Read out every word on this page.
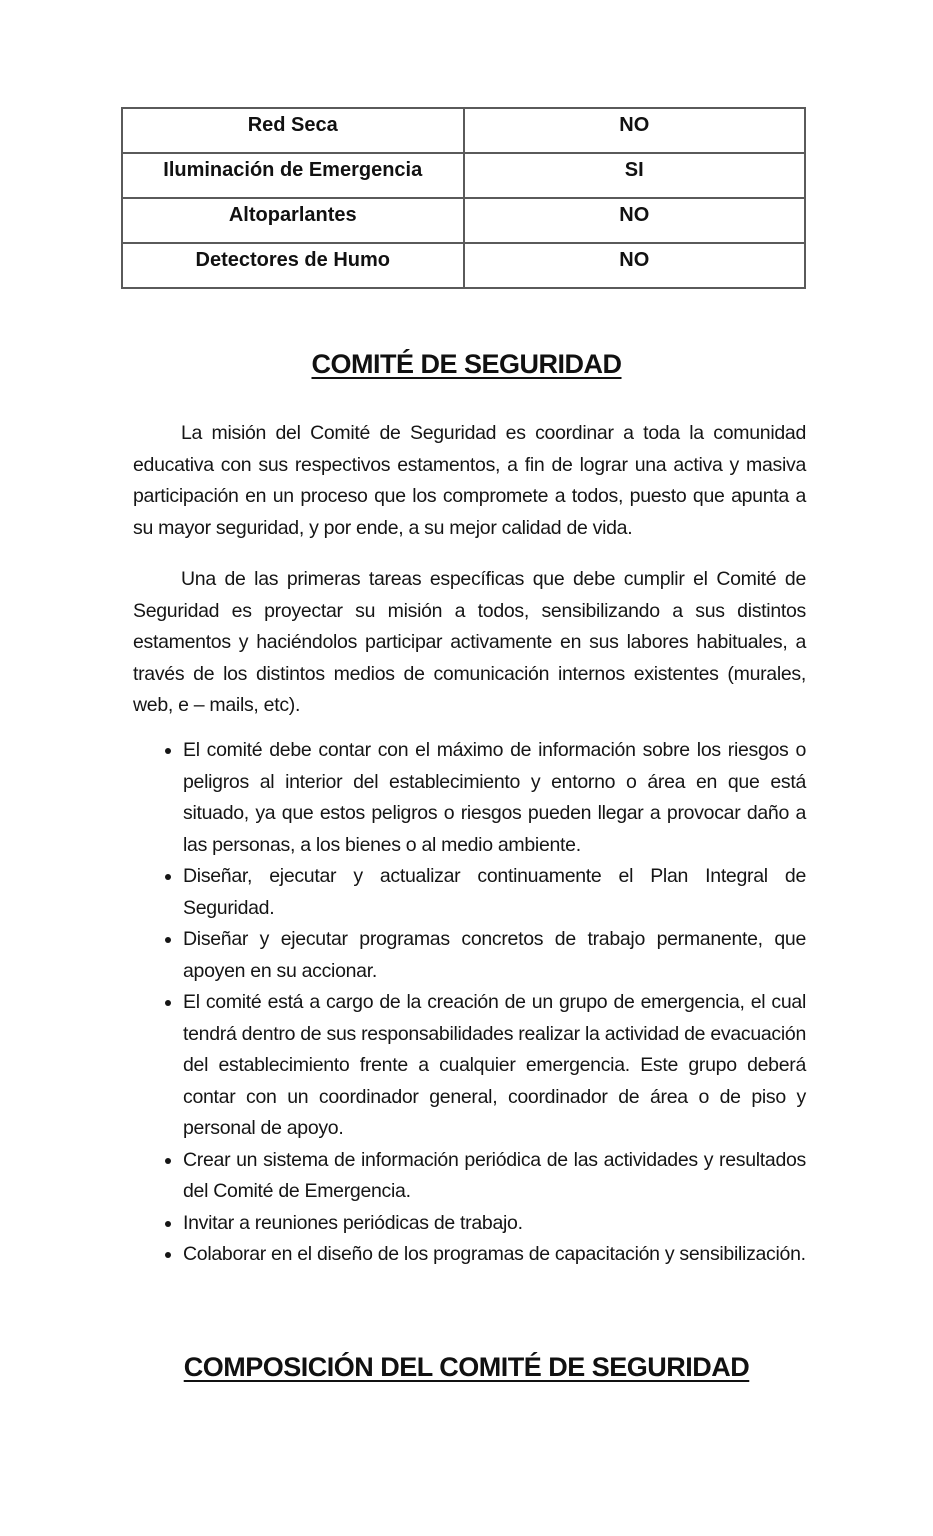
Red Seca	NO
Iluminación de Emergencia	SI
Altoparlantes	NO
Detectores de Humo	NO
COMITÉ DE SEGURIDAD

La misión del Comité de Seguridad es coordinar a toda la comunidad educativa con sus respectivos estamentos, a fin de lograr una activa y masiva participación en un proceso que los compromete a todos, puesto que apunta a su mayor seguridad, y por ende, a su mejor calidad de vida.

Una de las primeras tareas específicas que debe cumplir el Comité de Seguridad es proyectar su misión a todos, sensibilizando a sus distintos estamentos y haciéndolos participar activamente en sus labores habituales, a través de los distintos medios de comunicación internos existentes (murales, web, e – mails, etc).

• El comité debe contar con el máximo de información sobre los riesgos o peligros al interior del establecimiento y entorno o área en que está situado, ya que estos peligros o riesgos pueden llegar a provocar daño a las personas, a los bienes o al medio ambiente.
• Diseñar, ejecutar y actualizar continuamente el Plan Integral de Seguridad.
• Diseñar y ejecutar programas concretos de trabajo permanente, que apoyen en su accionar.
• El comité está a cargo de la creación de un grupo de emergencia, el cual tendrá dentro de sus responsabilidades realizar la actividad de evacuación del establecimiento frente a cualquier emergencia. Este grupo deberá contar con un coordinador general, coordinador de área o de piso y personal de apoyo.
• Crear un sistema de información periódica de las actividades y resultados del Comité de Emergencia.
• Invitar a reuniones periódicas de trabajo.
• Colaborar en el diseño de los programas de capacitación y sensibilización.
COMPOSICIÓN DEL COMITÉ DE SEGURIDAD
